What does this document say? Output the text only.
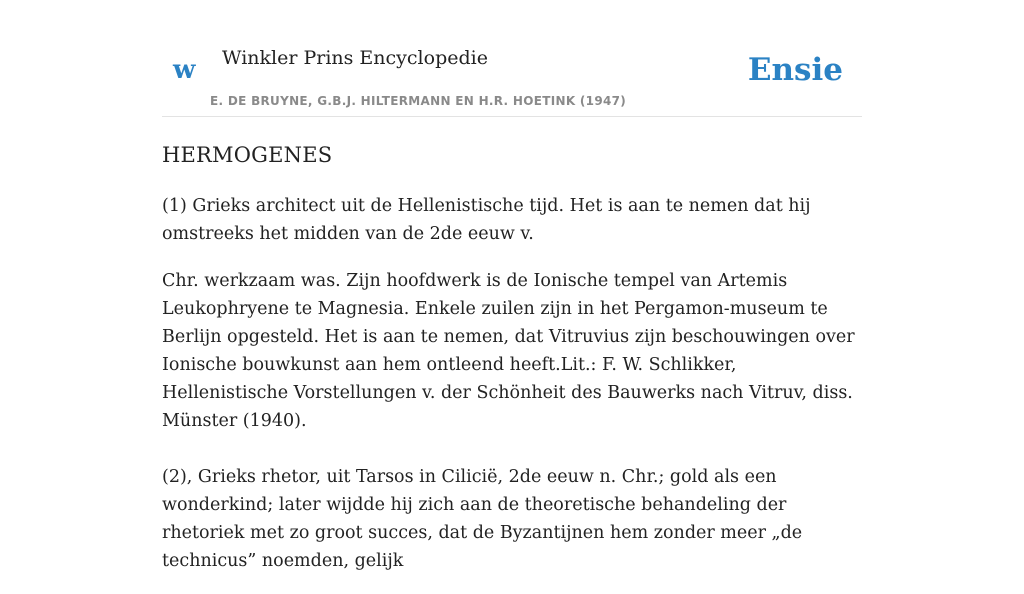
w Winkler Prins Encyclopedie
E. DE BRUYNE, G.B.J. HILTERMANN EN H.R. HOETINK (1947)
Ensie
HERMOGENES

(1) Grieks architect uit de Hellenistische tijd. Het is aan te nemen dat hij omstreeks het midden van de 2de eeuw v.

Chr. werkzaam was. Zijn hoofdwerk is de Ionische tempel van Artemis Leukophryene te Magnesia. Enkele zuilen zijn in het Pergamon-museum te Berlijn opgesteld. Het is aan te nemen, dat Vitruvius zijn beschouwingen over Ionische bouwkunst aan hem ontleend heeft.Lit.: F. W. Schlikker, Hellenistische Vorstellungen v. der Schönheit des Bauwerks nach Vitruv, diss. Münster (1940).

(2), Grieks rhetor, uit Tarsos in Cilicië, 2de eeuw n. Chr.; gold als een wonderkind; later wijdde hij zich aan de theoretische behandeling der rhetoriek met zo groot succes, dat de Byzantijnen hem zonder meer „de technicus” noemden, gelijk
